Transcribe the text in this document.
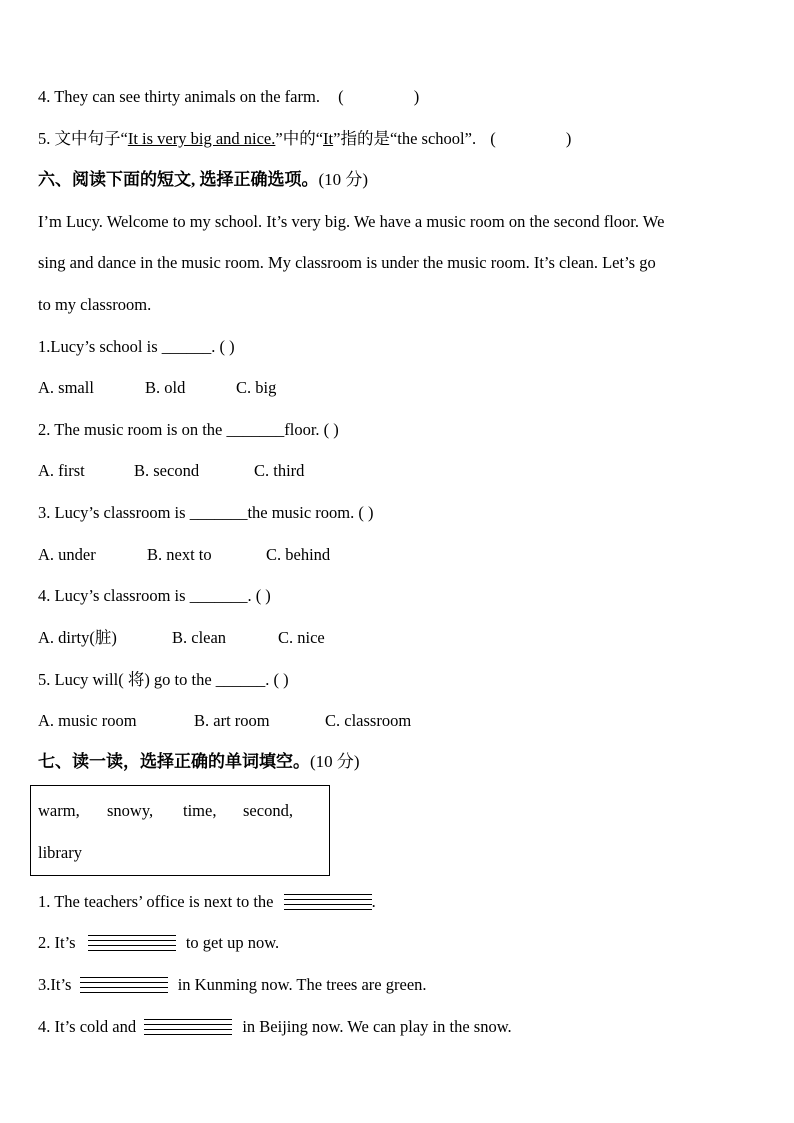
4. They can see thirty animals on the farm. (                 )
5. 文中句子“It is very big and nice.”中的“It”指的是“the school”. (                 )
六、阅读下面的短文, 选择正确选项。(10 分)
I’m Lucy. Welcome to my school. It’s very big. We have a music room on the second floor. We
sing and dance in the music room. My classroom is under the music room. It’s clean. Let’s go
to my classroom.
1.Lucy’s school is ______. ( )
A. small	B. old	C. big
2. The music room is on the _______floor. ( )
A. first	B. second	C. third
3. Lucy’s classroom is _______the music room. ( )
A. under	B. next to	C. behind
4. Lucy’s classroom is _______. ( )
A. dirty(脏)	B. clean	C. nice
5. Lucy will( 将) go to the ______. ( )
A. music room	B. art room	C. classroom
七、读一读，选择正确的单词填空。(10 分)
warm, snowy, time, second,
library
1. The teachers’ office is next to the	.
2. It’s	to get up now.
3.It’s	in Kunming now. The trees are green.
4. It’s cold and	in Beijing now. We can play in the snow.
